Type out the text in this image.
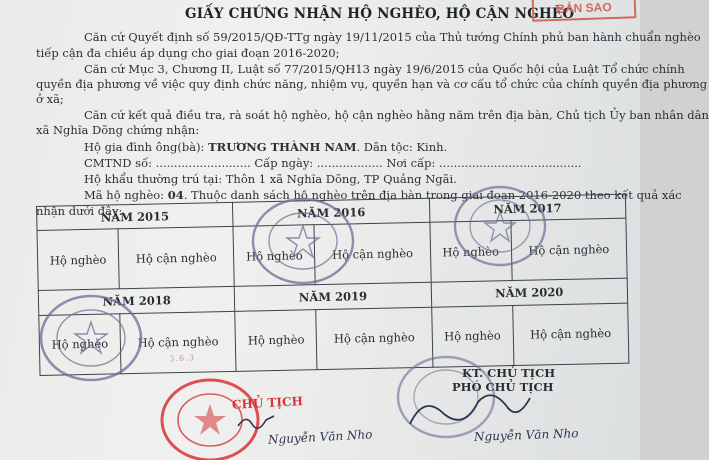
GIẤY CHỨNG NHẬN HỘ NGHÈO, HỘ CẬN NGHÈO
BẢN SAO
Căn cứ Quyết định số 59/2015/QĐ-TTg ngày 19/11/2015 của Thủ tướng Chính phủ ban hành chuẩn nghèo
tiếp cận đa chiều áp dụng cho giai đoạn 2016-2020;
Căn cứ Mục 3, Chương II, Luật số 77/2015/QH13 ngày 19/6/2015 của Quốc hội của Luật Tổ chức chính
quyền địa phương về việc quy định chức năng, nhiệm vụ, quyền hạn và cơ cấu tổ chức của chính quyền địa phương
ở xã;
Căn cứ kết quả điều tra, rà soát hộ nghèo, hộ cận nghèo hằng năm trên địa bàn, Chủ tịch Ủy ban nhân dân
xã Nghĩa Dõng chứng nhận:
Hộ gia đình ông(bà): TRƯƠNG THÀNH NAM. Dân tộc: Kinh.
CMTND số: .......................... Cấp ngày: .................. Nơi cấp: .......................................
Hộ khẩu thường trú tại: Thôn 1 xã Nghĩa Dõng, TP Quảng Ngãi.
Mã hộ nghèo: 04. Thuộc danh sách hộ nghèo trên địa bàn trong giai đoạn 2016-2020 theo kết quả xác
nhận dưới đây:
NĂM 2015		NĂM 2016		NĂM 2017	
Hộ nghèo	Hộ cận nghèo	Hộ nghèo	Hộ cận nghèo	Hộ nghèo	Hộ cận nghèo
NĂM 2018		NĂM 2019		NĂM 2020	
Hộ nghèo	Hộ cận nghèo	Hộ nghèo	Hộ cận nghèo	Hộ nghèo	Hộ cận nghèo
3.6.3
CHỦ TỊCH
Nguyễn Văn Nho
KT. CHỦ TỊCH
PHÓ CHỦ TỊCH
Nguyễn Văn Nho
